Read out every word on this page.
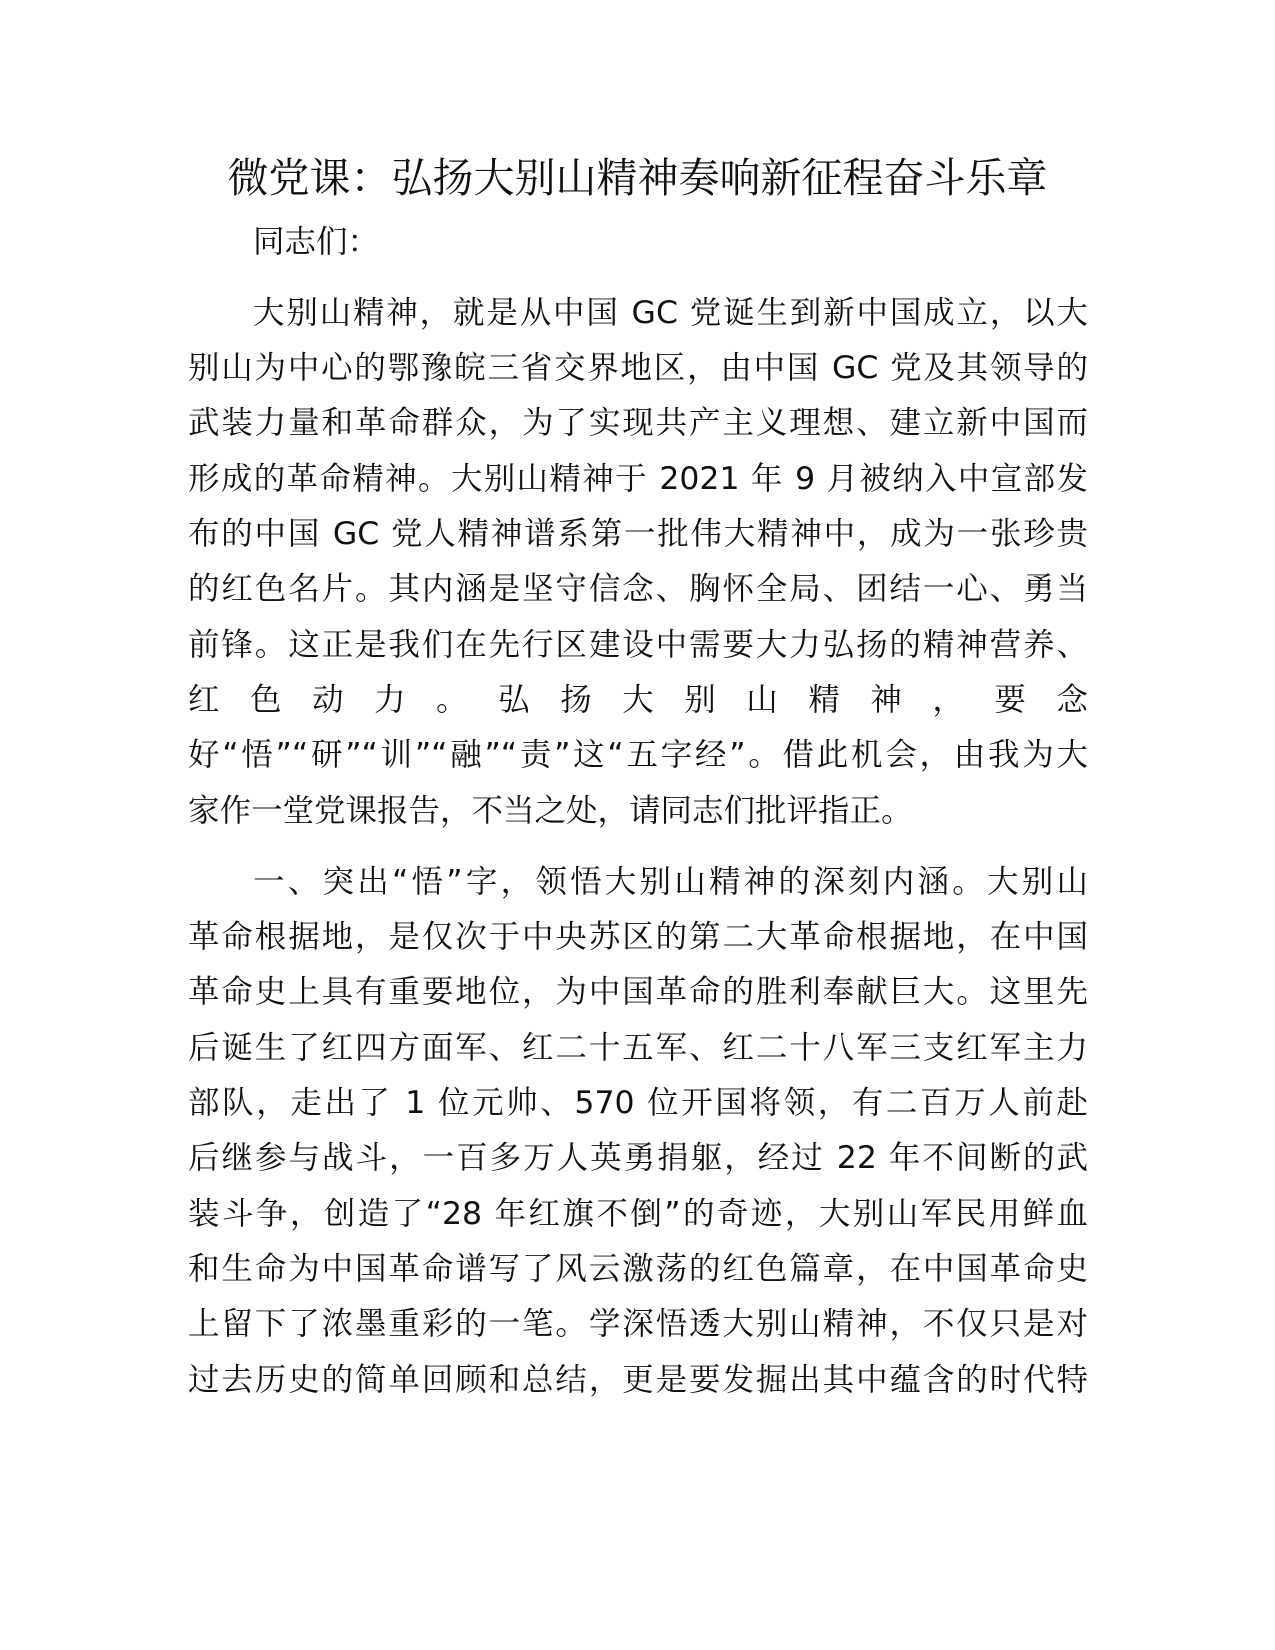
微党课：弘扬大别山精神奏响新征程奋斗乐章
同志们：
大别山精神，就是从中国 GC 党诞生到新中国成立，以大
别山为中心的鄂豫皖三省交界地区，由中国 GC 党及其领导的
武装力量和革命群众，为了实现共产主义理想、建立新中国而
形成的革命精神。大别山精神于 2021 年 9 月被纳入中宣部发
布的中国 GC 党人精神谱系第一批伟大精神中，成为一张珍贵
的红色名片。其内涵是坚守信念、胸怀全局、团结一心、勇当
前锋。这正是我们在先行区建设中需要大力弘扬的精神营养、
红 色 动 力 。 弘 扬 大 别 山 精 神 ， 要 念
好“悟”“研”“训”“融”“责”这“五字经”。借此机会，由我为大
家作一堂党课报告，不当之处，请同志们批评指正。
一、突出“悟”字，领悟大别山精神的深刻内涵。大别山
革命根据地，是仅次于中央苏区的第二大革命根据地，在中国
革命史上具有重要地位，为中国革命的胜利奉献巨大。这里先
后诞生了红四方面军、红二十五军、红二十八军三支红军主力
部队，走出了 1 位元帅、570 位开国将领，有二百万人前赴
后继参与战斗，一百多万人英勇捐躯，经过 22 年不间断的武
装斗争，创造了“28 年红旗不倒”的奇迹，大别山军民用鲜血
和生命为中国革命谱写了风云激荡的红色篇章，在中国革命史
上留下了浓墨重彩的一笔。学深悟透大别山精神，不仅只是对
过去历史的简单回顾和总结，更是要发掘出其中蕴含的时代特
